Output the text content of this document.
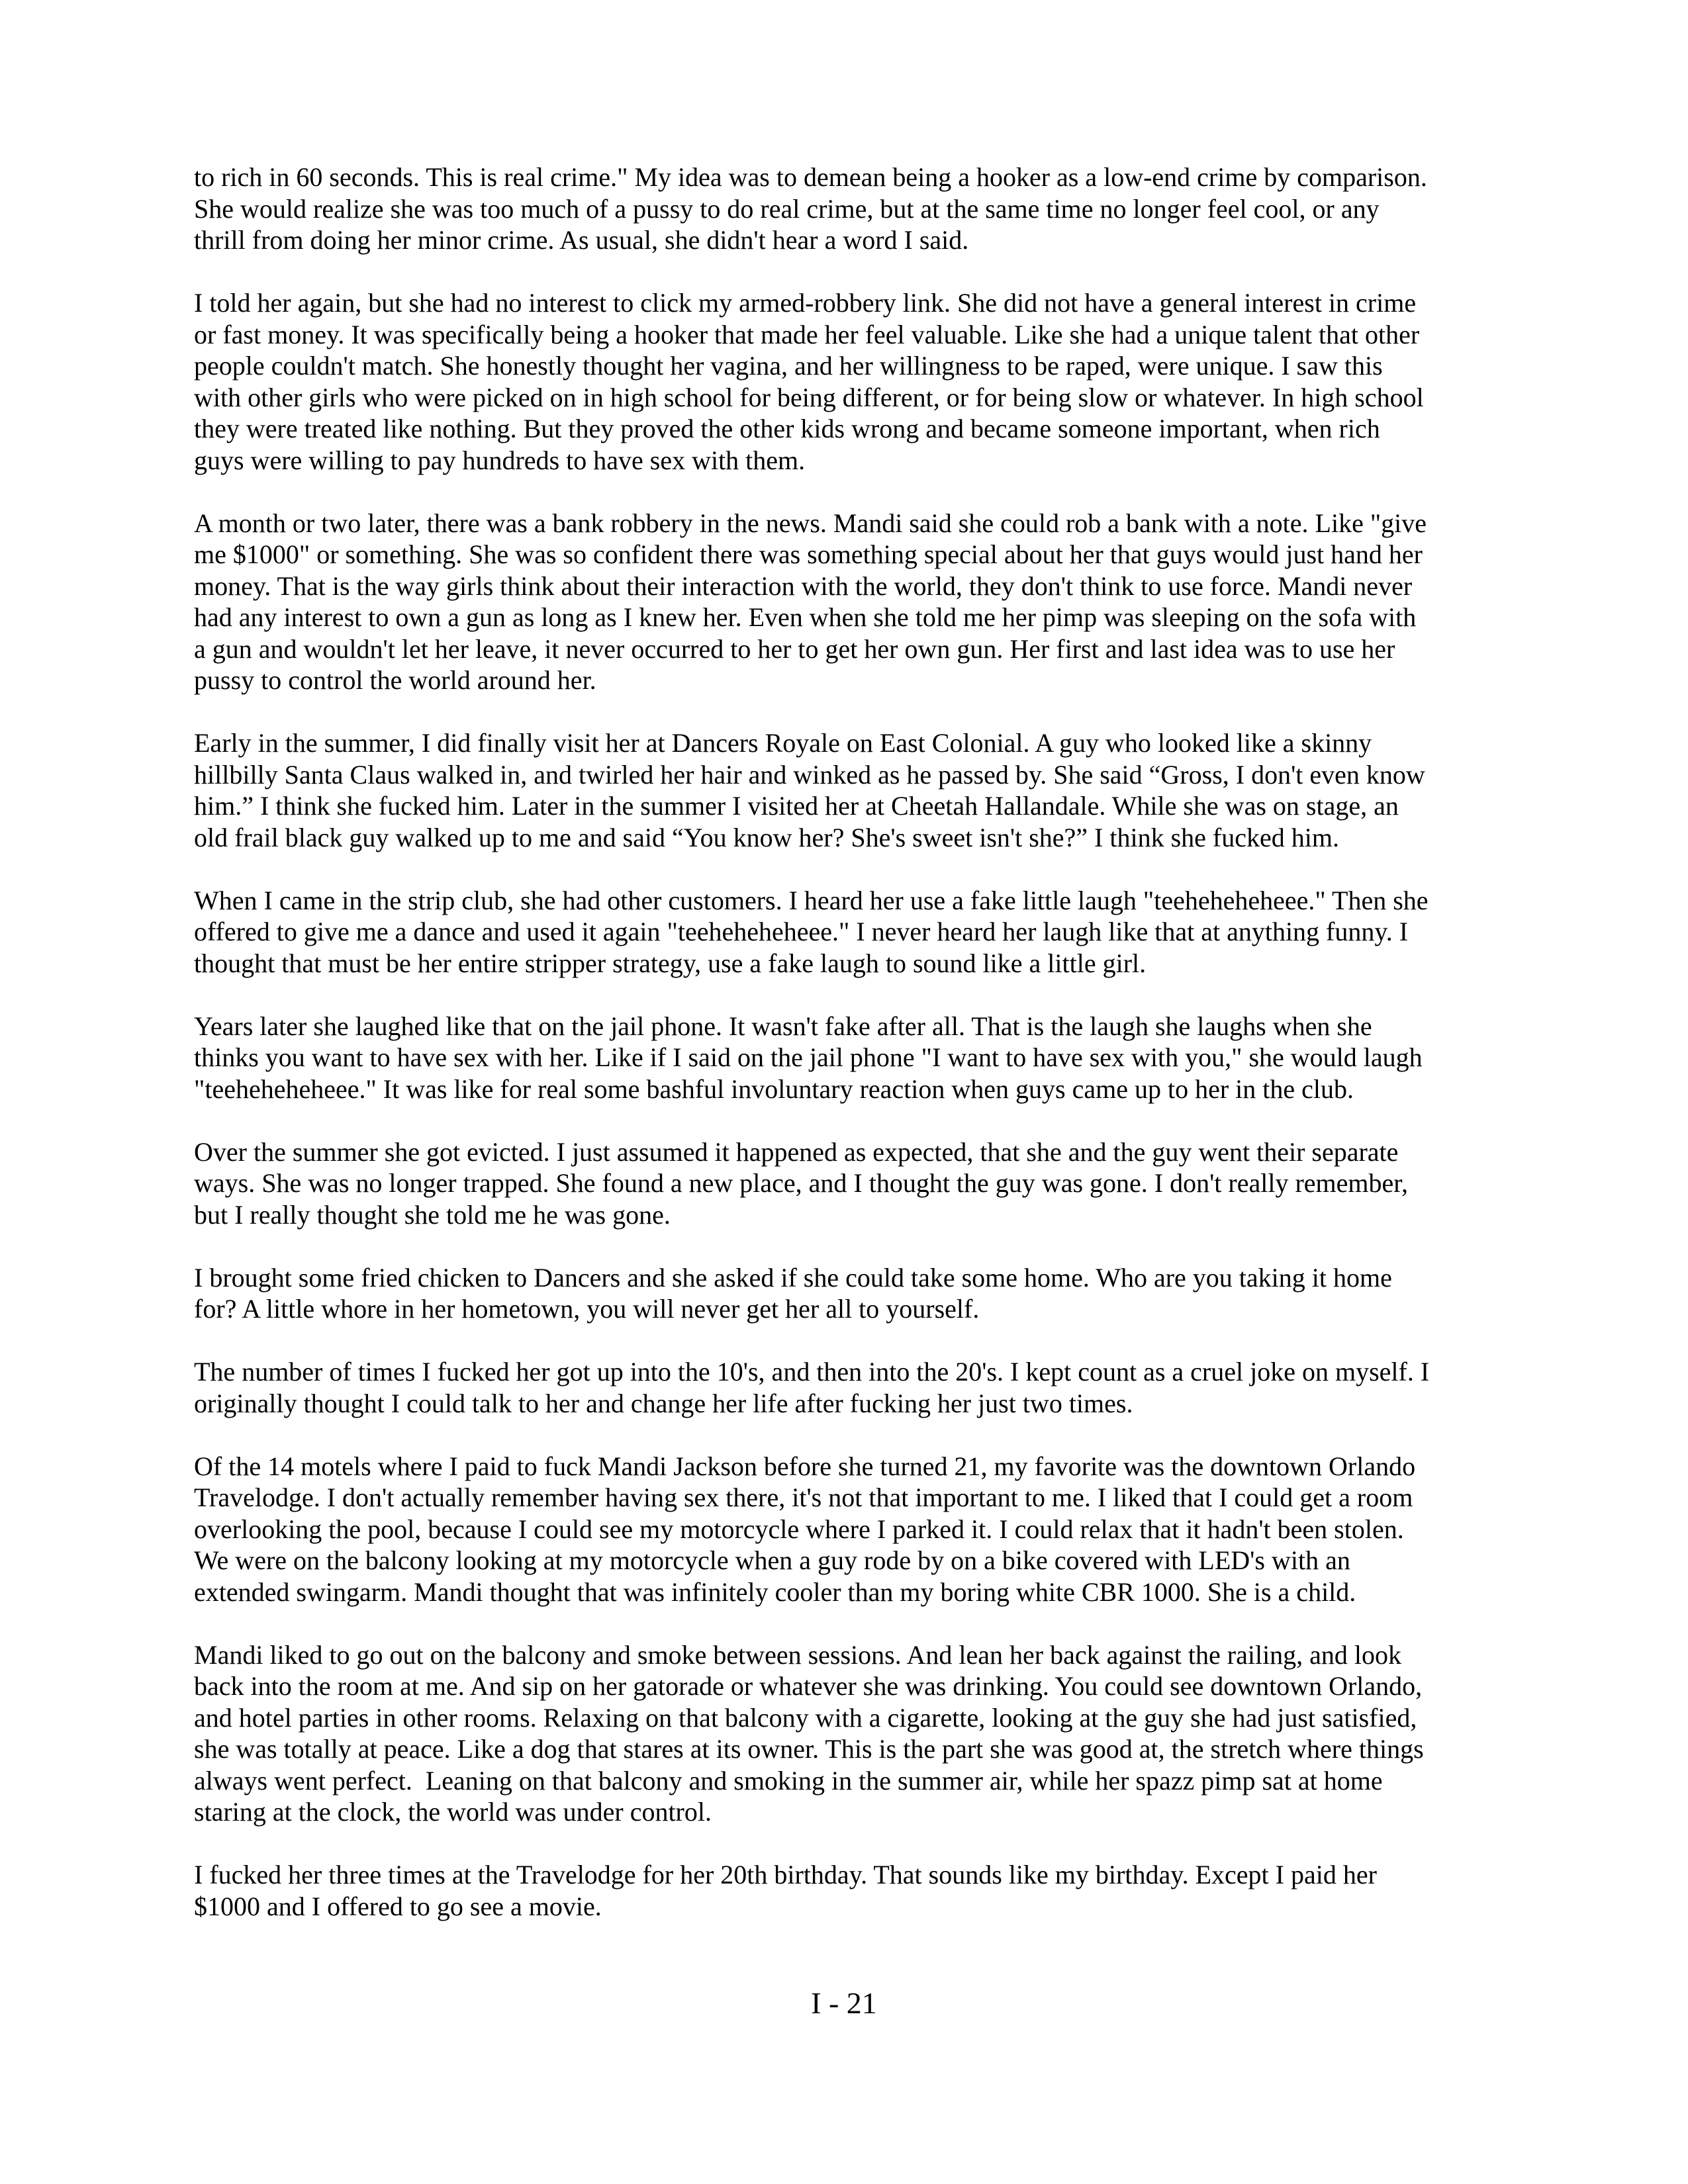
to rich in 60 seconds. This is real crime." My idea was to demean being a hooker as a low-end crime by comparison.
She would realize she was too much of a pussy to do real crime, but at the same time no longer feel cool, or any
thrill from doing her minor crime. As usual, she didn't hear a word I said.

I told her again, but she had no interest to click my armed-robbery link. She did not have a general interest in crime
or fast money. It was specifically being a hooker that made her feel valuable. Like she had a unique talent that other
people couldn't match. She honestly thought her vagina, and her willingness to be raped, were unique. I saw this
with other girls who were picked on in high school for being different, or for being slow or whatever. In high school
they were treated like nothing. But they proved the other kids wrong and became someone important, when rich
guys were willing to pay hundreds to have sex with them.

A month or two later, there was a bank robbery in the news. Mandi said she could rob a bank with a note. Like "give
me $1000" or something. She was so confident there was something special about her that guys would just hand her
money. That is the way girls think about their interaction with the world, they don't think to use force. Mandi never
had any interest to own a gun as long as I knew her. Even when she told me her pimp was sleeping on the sofa with
a gun and wouldn't let her leave, it never occurred to her to get her own gun. Her first and last idea was to use her
pussy to control the world around her.

Early in the summer, I did finally visit her at Dancers Royale on East Colonial. A guy who looked like a skinny
hillbilly Santa Claus walked in, and twirled her hair and winked as he passed by. She said “Gross, I don't even know
him.” I think she fucked him. Later in the summer I visited her at Cheetah Hallandale. While she was on stage, an
old frail black guy walked up to me and said “You know her? She's sweet isn't she?” I think she fucked him.

When I came in the strip club, she had other customers. I heard her use a fake little laugh "teeheheheheee." Then she
offered to give me a dance and used it again "teeheheheheee." I never heard her laugh like that at anything funny. I
thought that must be her entire stripper strategy, use a fake laugh to sound like a little girl.

Years later she laughed like that on the jail phone. It wasn't fake after all. That is the laugh she laughs when she
thinks you want to have sex with her. Like if I said on the jail phone "I want to have sex with you," she would laugh
"teeheheheheee." It was like for real some bashful involuntary reaction when guys came up to her in the club.

Over the summer she got evicted. I just assumed it happened as expected, that she and the guy went their separate
ways. She was no longer trapped. She found a new place, and I thought the guy was gone. I don't really remember,
but I really thought she told me he was gone.

I brought some fried chicken to Dancers and she asked if she could take some home. Who are you taking it home
for? A little whore in her hometown, you will never get her all to yourself.

The number of times I fucked her got up into the 10's, and then into the 20's. I kept count as a cruel joke on myself. I
originally thought I could talk to her and change her life after fucking her just two times.

Of the 14 motels where I paid to fuck Mandi Jackson before she turned 21, my favorite was the downtown Orlando
Travelodge. I don't actually remember having sex there, it's not that important to me. I liked that I could get a room
overlooking the pool, because I could see my motorcycle where I parked it. I could relax that it hadn't been stolen.
We were on the balcony looking at my motorcycle when a guy rode by on a bike covered with LED's with an
extended swingarm. Mandi thought that was infinitely cooler than my boring white CBR 1000. She is a child.

Mandi liked to go out on the balcony and smoke between sessions. And lean her back against the railing, and look
back into the room at me. And sip on her gatorade or whatever she was drinking. You could see downtown Orlando,
and hotel parties in other rooms. Relaxing on that balcony with a cigarette, looking at the guy she had just satisfied,
she was totally at peace. Like a dog that stares at its owner. This is the part she was good at, the stretch where things
always went perfect.  Leaning on that balcony and smoking in the summer air, while her spazz pimp sat at home
staring at the clock, the world was under control.

I fucked her three times at the Travelodge for her 20th birthday. That sounds like my birthday. Except I paid her
$1000 and I offered to go see a movie.

I - 21
